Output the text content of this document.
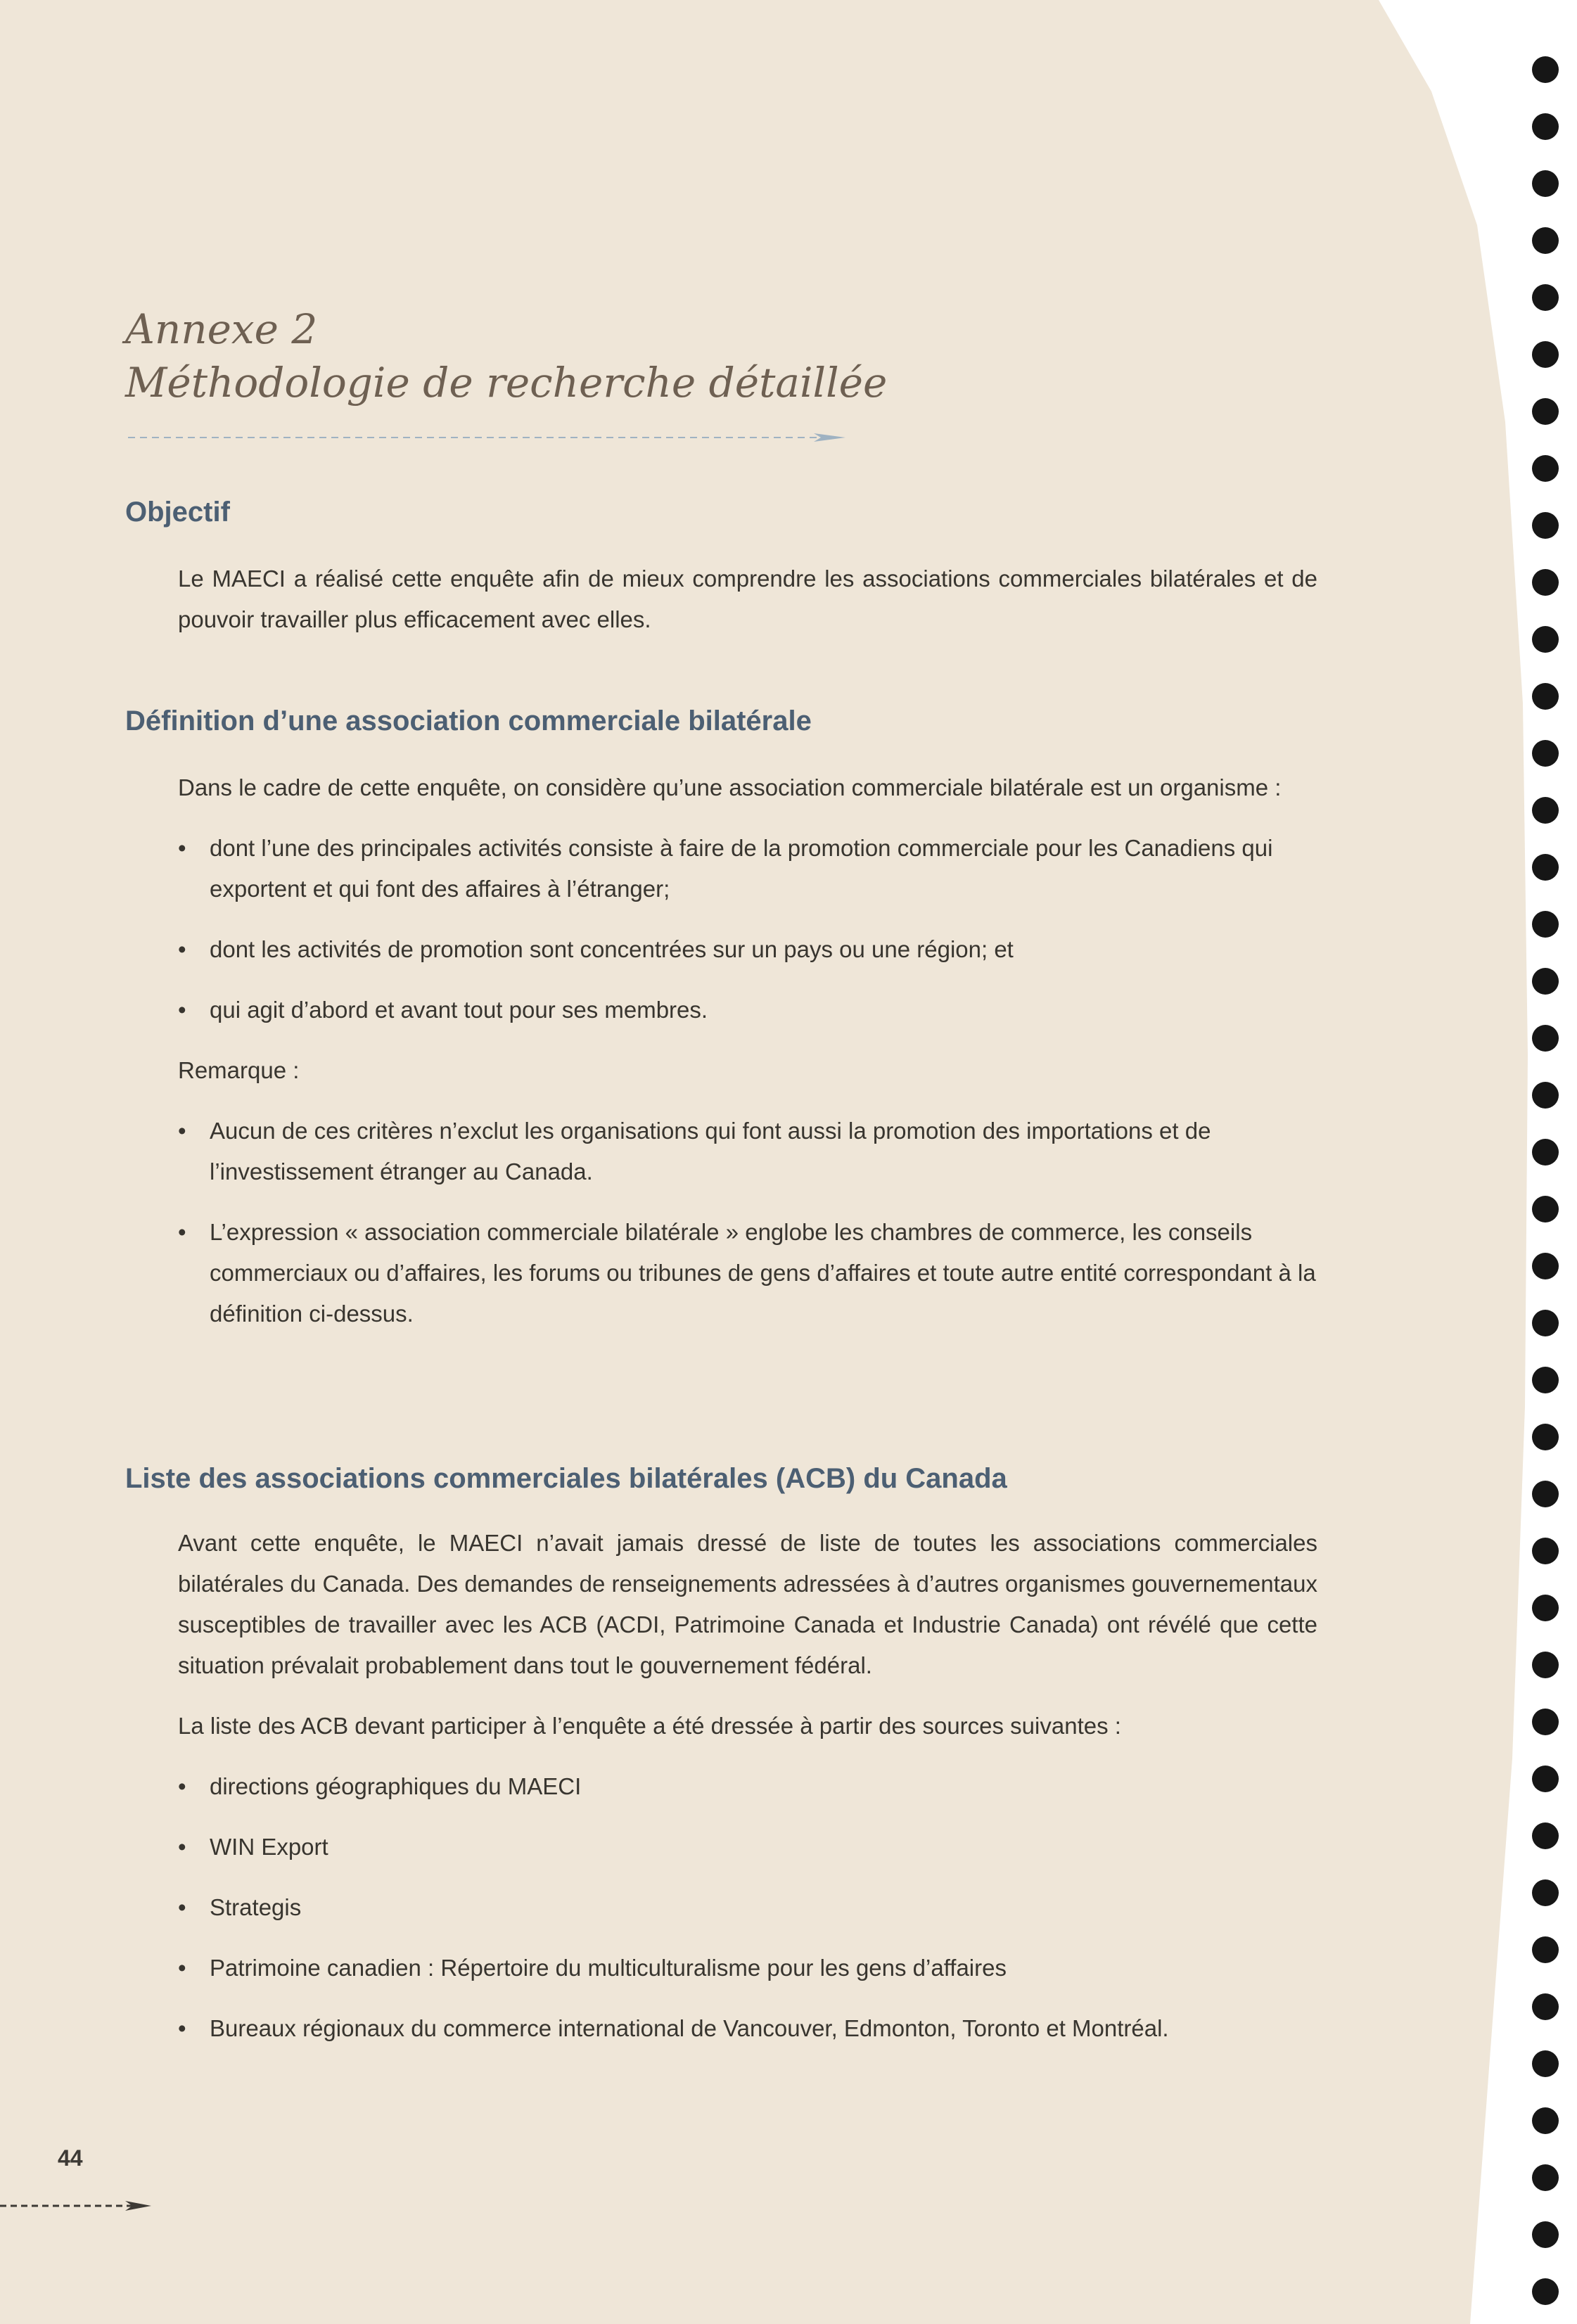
Annexe 2
Méthodologie de recherche détaillée
Objectif

Le MAECI a réalisé cette enquête afin de mieux comprendre les associations commerciales bilatérales et de pouvoir travailler plus efficacement avec elles.

Définition d’une association commerciale bilatérale

Dans le cadre de cette enquête, on considère qu’une association commerciale bilatérale est un organisme :

• dont l’une des principales activités consiste à faire de la promotion commerciale pour les Canadiens qui exportent et qui font des affaires à l’étranger;
• dont les activités de promotion sont concentrées sur un pays ou une région; et
• qui agit d’abord et avant tout pour ses membres.

Remarque :

• Aucun de ces critères n’exclut les organisations qui font aussi la promotion des importations et de l’investissement étranger au Canada.
• L’expression « association commerciale bilatérale » englobe les chambres de commerce, les conseils commerciaux ou d’affaires, les forums ou tribunes de gens d’affaires et toute autre entité correspondant à la définition ci-dessus.
Liste des associations commerciales bilatérales (ACB) du Canada

Avant cette enquête, le MAECI n’avait jamais dressé de liste de toutes les associations commerciales bilatérales du Canada. Des demandes de renseignements adressées à d’autres organismes gouvernementaux susceptibles de travailler avec les ACB (ACDI, Patrimoine Canada et Industrie Canada) ont révélé que cette situation prévalait probablement dans tout le gouvernement fédéral.

La liste des ACB devant participer à l’enquête a été dressée à partir des sources suivantes :

• directions géographiques du MAECI
• WIN Export
• Strategis
• Patrimoine canadien : Répertoire du multiculturalisme pour les gens d’affaires
• Bureaux régionaux du commerce international de Vancouver, Edmonton, Toronto et Montréal.
44
